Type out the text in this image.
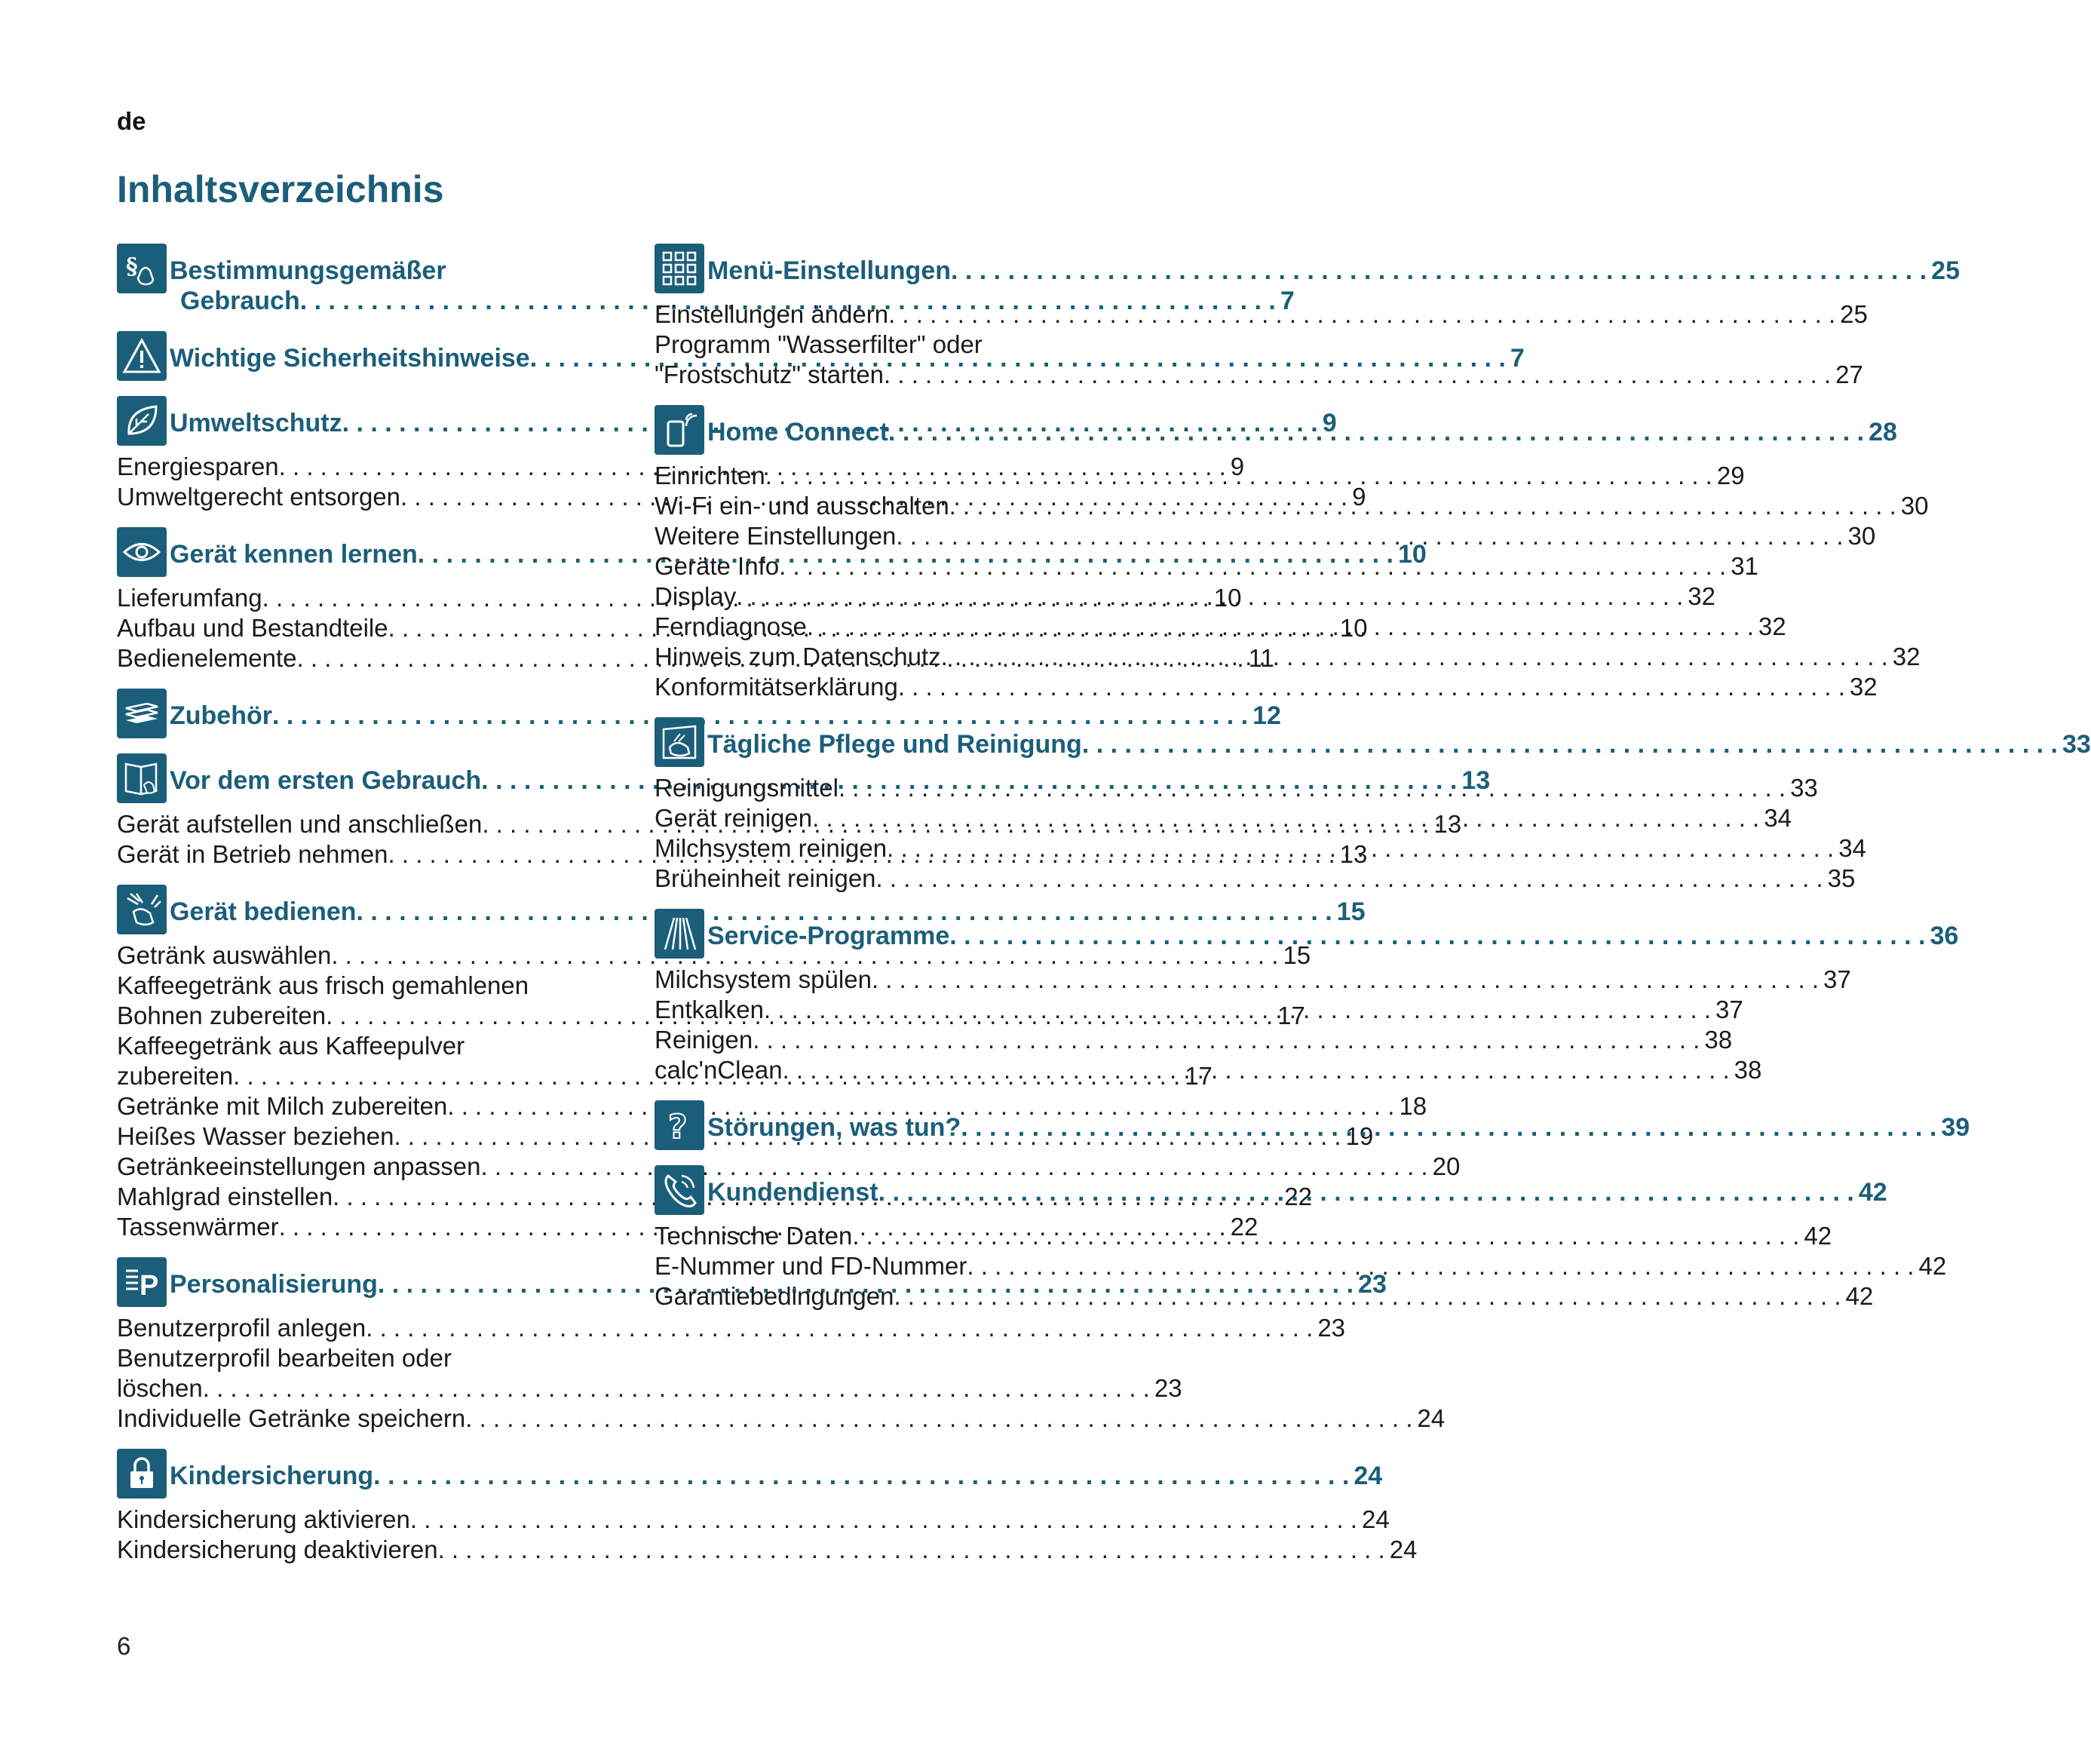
de
Inhaltsverzeichnis
§ Bestimmungsgemäßer
Gebrauch . . .	7
Wichtige Sicherheitshinweise . . .	7
Umweltschutz . . .	9
Energiesparen . . .	9
Umweltgerecht entsorgen . . .	9
Gerät kennen lernen . . .	10
Lieferumfang . . .	10
Aufbau und Bestandteile . . .	10
Bedienelemente . . .	11
Zubehör . . .	12
Vor dem ersten Gebrauch . . .	13
Gerät aufstellen und anschließen . . .	13
Gerät in Betrieb nehmen . . .	13
Gerät bedienen . . .	15
Getränk auswählen . . .	15
Kaffeegetränk aus frisch gemahlenen
Bohnen zubereiten . . .	17
Kaffeegetränk aus Kaffeepulver
zubereiten . . .	17
Getränke mit Milch zubereiten . . .	18
Heißes Wasser beziehen . . .	19
Getränkeeinstellungen anpassen . . .	20
Mahlgrad einstellen . . .	22
Tassenwärmer . . .	22
P Personalisierung . . .	23
Benutzerprofil anlegen . . .	23
Benutzerprofil bearbeiten oder
löschen . . .	23
Individuelle Getränke speichern . . .	24
Kindersicherung . . .	24
Kindersicherung aktivieren . . .	24
Kindersicherung deaktivieren . . .	24
Menü-Einstellungen . . .	25
Einstellungen ändern . . .	25
Programm "Wasserfilter" oder
"Frostschutz" starten . . .	27
Home Connect . . .	28
Einrichten . . .	29
Wi-Fi ein- und ausschalten . . .	30
Weitere Einstellungen . . .	30
Geräte Info . . .	31
Display . . .	32
Ferndiagnose . . .	32
Hinweis zum Datenschutz . . .	32
Konformitätserklärung . . .	32
Tägliche Pflege und Reinigung . . .	33
Reinigungsmittel . . .	33
Gerät reinigen . . .	34
Milchsystem reinigen . . .	34
Brüheinheit reinigen . . .	35
Service-Programme . . .	36
Milchsystem spülen . . .	37
Entkalken . . .	37
Reinigen . . .	38
calc'nClean . . .	38
? Störungen, was tun? . . .	39
Kundendienst . . .	42
Technische Daten . . .	42
E-Nummer und FD-Nummer . . .	42
Garantiebedingungen . . .	42
6
